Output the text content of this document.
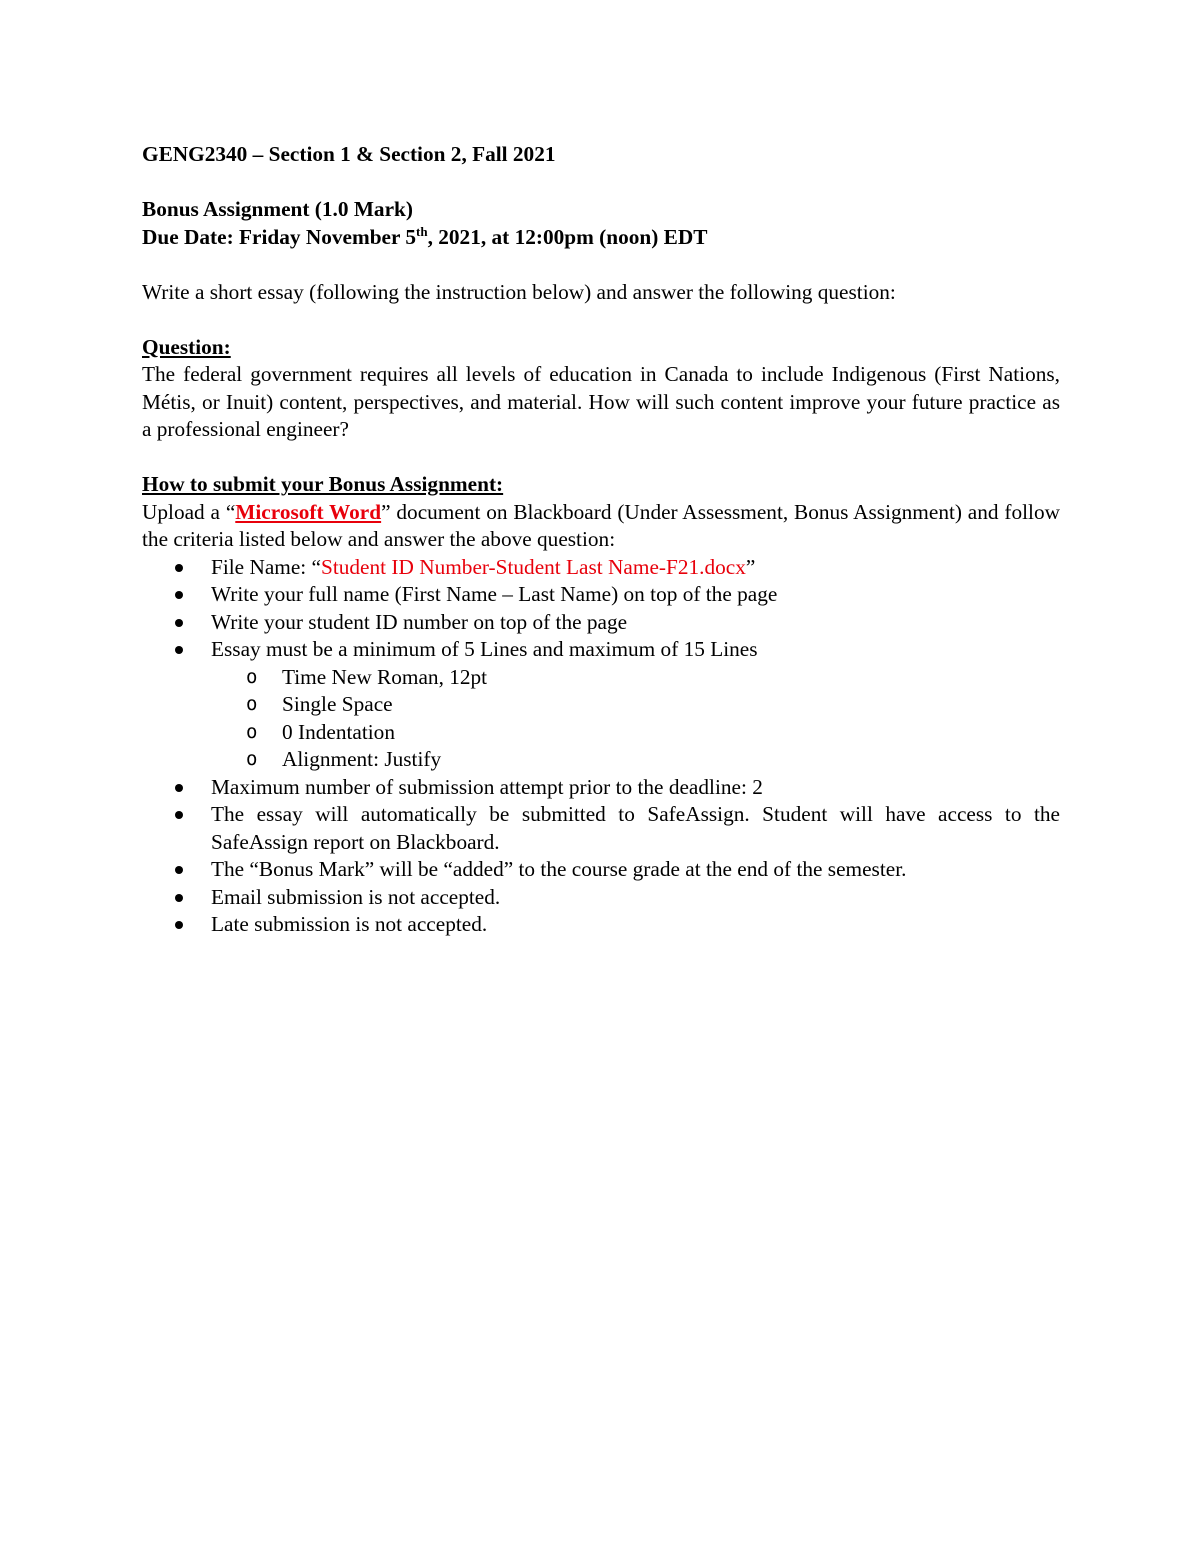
GENG2340 – Section 1 & Section 2, Fall 2021
Bonus Assignment (1.0 Mark)
Due Date: Friday November 5th, 2021, at 12:00pm (noon) EDT
Write a short essay (following the instruction below) and answer the following question:
Question:
The federal government requires all levels of education in Canada to include Indigenous (First Nations, Métis, or Inuit) content, perspectives, and material. How will such content improve your future practice as a professional engineer?
How to submit your Bonus Assignment:
Upload a “Microsoft Word” document on Blackboard (Under Assessment, Bonus Assignment) and follow the criteria listed below and answer the above question:
File Name: “Student ID Number-Student Last Name-F21.docx”
Write your full name (First Name – Last Name) on top of the page
Write your student ID number on top of the page
Essay must be a minimum of 5 Lines and maximum of 15 Lines
o Time New Roman, 12pt
o Single Space
o 0 Indentation
o Alignment: Justify
Maximum number of submission attempt prior to the deadline: 2
The essay will automatically be submitted to SafeAssign. Student will have access to the SafeAssign report on Blackboard.
The “Bonus Mark” will be “added” to the course grade at the end of the semester.
Email submission is not accepted.
Late submission is not accepted.
